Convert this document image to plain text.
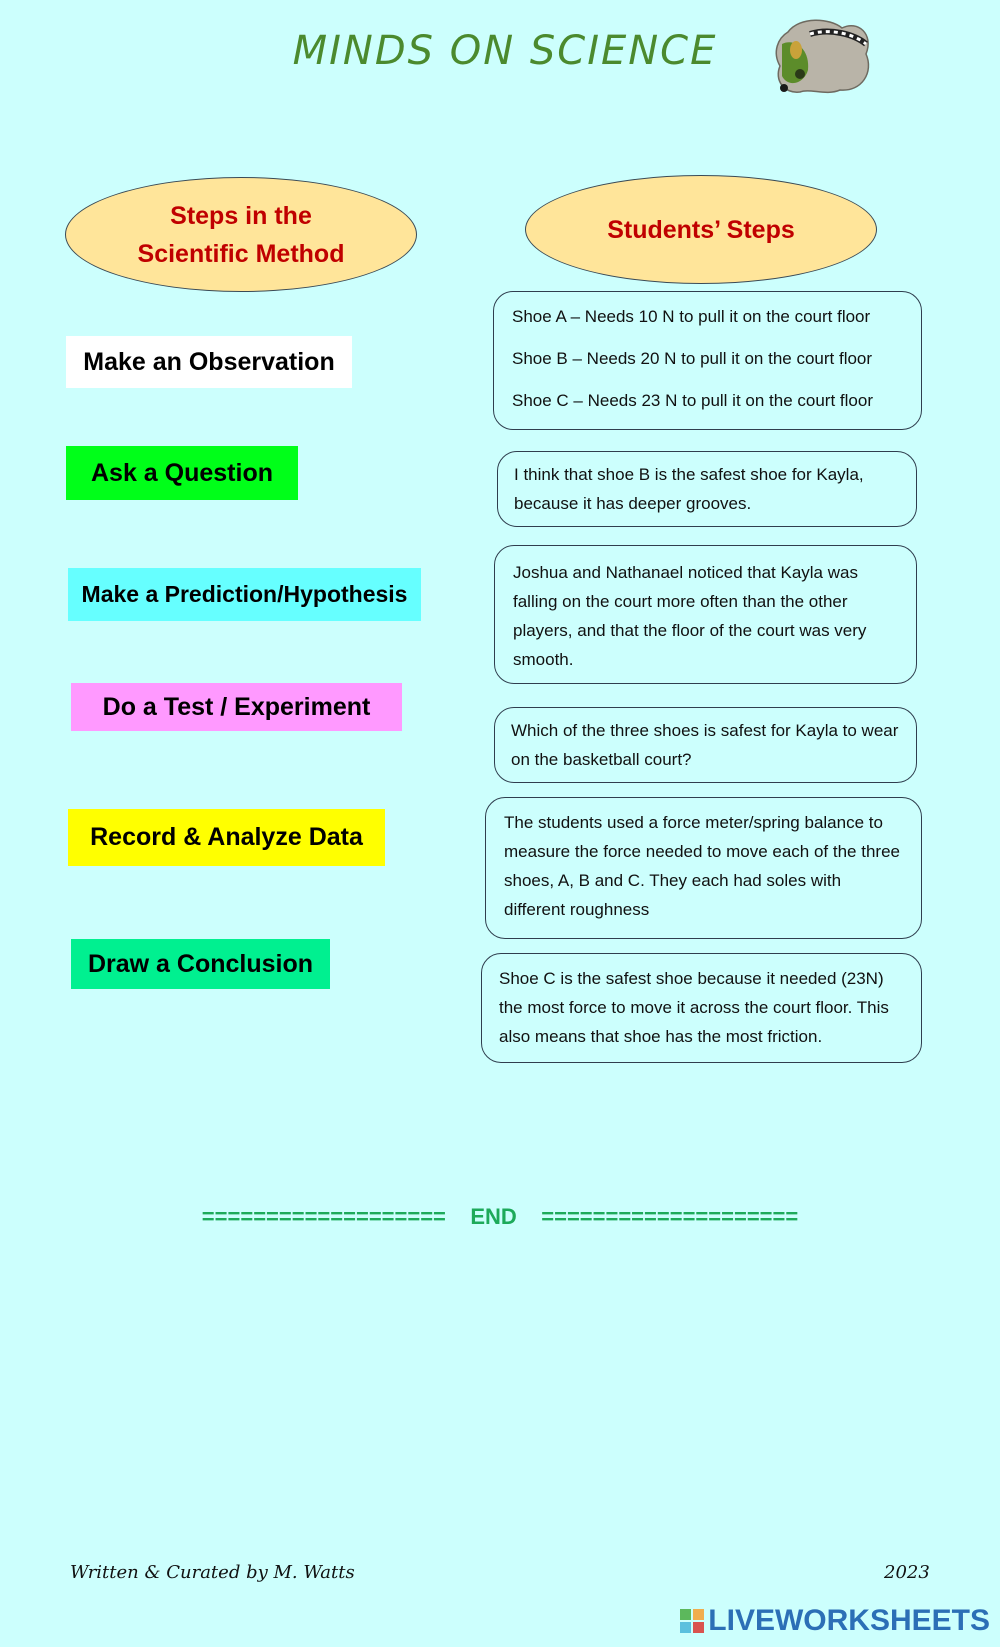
MINDS ON SCIENCE
Steps in the
Scientific Method
Students’ Steps
Make an Observation
Ask a Question
Make a Prediction/Hypothesis
Do a Test / Experiment
Record & Analyze Data
Draw a Conclusion
Shoe A – Needs 10 N to pull it on the court floor
Shoe B – Needs 20 N to pull it on the court floor
Shoe C – Needs 23 N to pull it on the court floor

I think that shoe B is the safest shoe for Kayla, because it has deeper grooves.

Joshua and Nathanael noticed that Kayla was falling on the court more often than the other players, and that the floor of the court was very smooth.

Which of the three shoes is safest for Kayla to wear on the basketball court?

The students used a force meter/spring balance to measure the force needed to move each of the three shoes, A, B and C. They each had soles with different roughness

Shoe C is the safest shoe because it needed (23N) the most force to move it across the court floor. This also means that shoe has the most friction.

===================    END    ====================
Written & Curated by M. Watts	2023
LIVEWORKSHEETS
